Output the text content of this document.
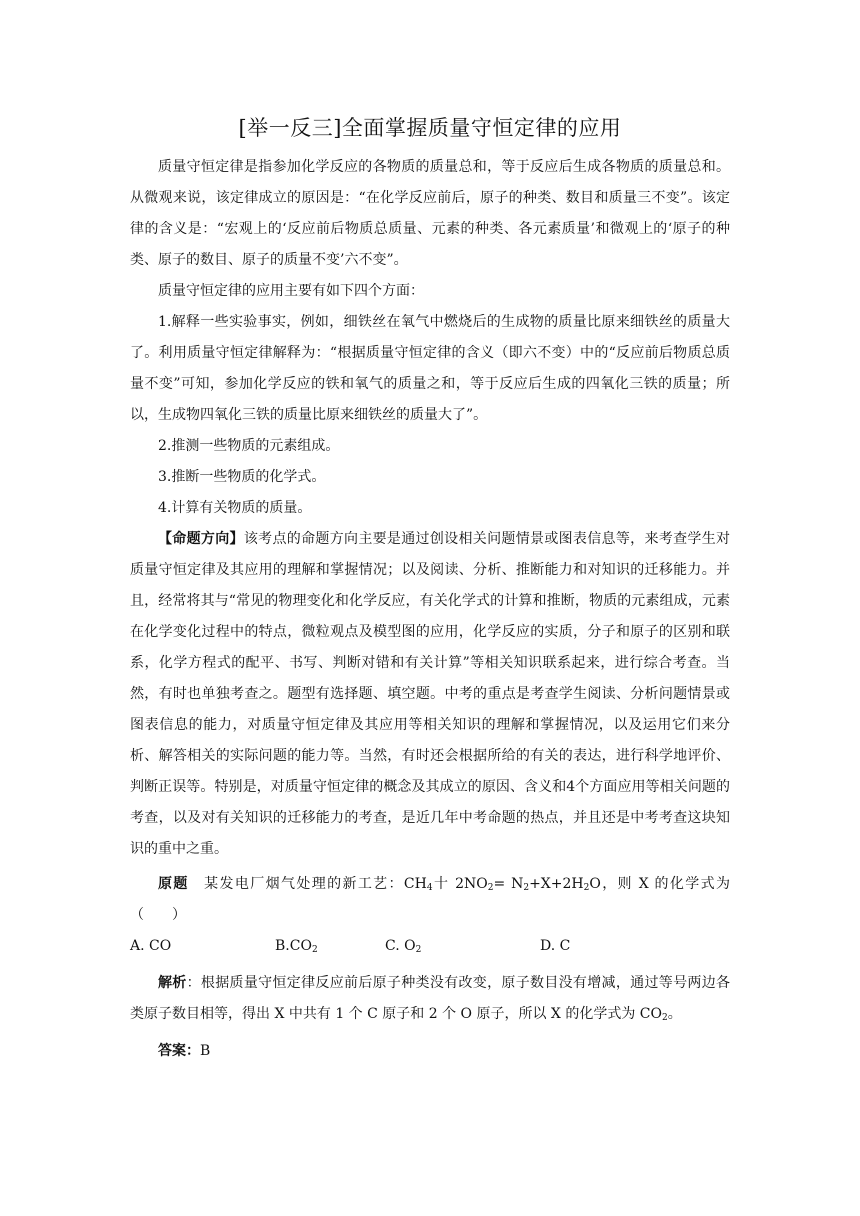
[举一反三]全面掌握质量守恒定律的应用

质量守恒定律是指参加化学反应的各物质的质量总和，等于反应后生成各物质的质量总和。从微观来说，该定律成立的原因是：“在化学反应前后，原子的种类、数目和质量三不变”。该定律的含义是：“宏观上的‘反应前后物质总质量、元素的种类、各元素质量’和微观上的‘原子的种类、原子的数目、原子的质量不变’六不变”。

质量守恒定律的应用主要有如下四个方面：

1.解释一些实验事实，例如，细铁丝在氧气中燃烧后的生成物的质量比原来细铁丝的质量大了。利用质量守恒定律解释为：“根据质量守恒定律的含义（即六不变）中的“反应前后物质总质量不变”可知，参加化学反应的铁和氧气的质量之和，等于反应后生成的四氧化三铁的质量；所以，生成物四氧化三铁的质量比原来细铁丝的质量大了”。

2.推测一些物质的元素组成。

3.推断一些物质的化学式。

4.计算有关物质的质量。

【命题方向】该考点的命题方向主要是通过创设相关问题情景或图表信息等，来考查学生对质量守恒定律及其应用的理解和掌握情况；以及阅读、分析、推断能力和对知识的迁移能力。并且，经常将其与“常见的物理变化和化学反应，有关化学式的计算和推断，物质的元素组成，元素在化学变化过程中的特点，微粒观点及模型图的应用，化学反应的实质，分子和原子的区别和联系，化学方程式的配平、书写、判断对错和有关计算”等相关知识联系起来，进行综合考查。当然，有时也单独考查之。题型有选择题、填空题。中考的重点是考查学生阅读、分析问题情景或图表信息的能力，对质量守恒定律及其应用等相关知识的理解和掌握情况，以及运用它们来分析、解答相关的实际问题的能力等。当然，有时还会根据所给的有关的表达，进行科学地评价、判断正误等。特别是，对质量守恒定律的概念及其成立的原因、含义和4个方面应用等相关问题的考查，以及对有关知识的迁移能力的考查，是近几年中考命题的热点，并且还是中考考查这块知识的重中之重。

原题　 某发电厂烟气处理的新工艺：$CH_4$十 $2NO_2= N_2+X+2H_2O$，则 X 的化学式为（　　）

A. CO	$B.CO_2$	C. $O_2$	D. C

解析：根据质量守恒定律反应前后原子种类没有改变，原子数目没有增减，通过等号两边各类原子数目相等，得出 X 中共有 1 个 C 原子和 2 个 O 原子，所以 X 的化学式为 $CO_2$。

答案：B
